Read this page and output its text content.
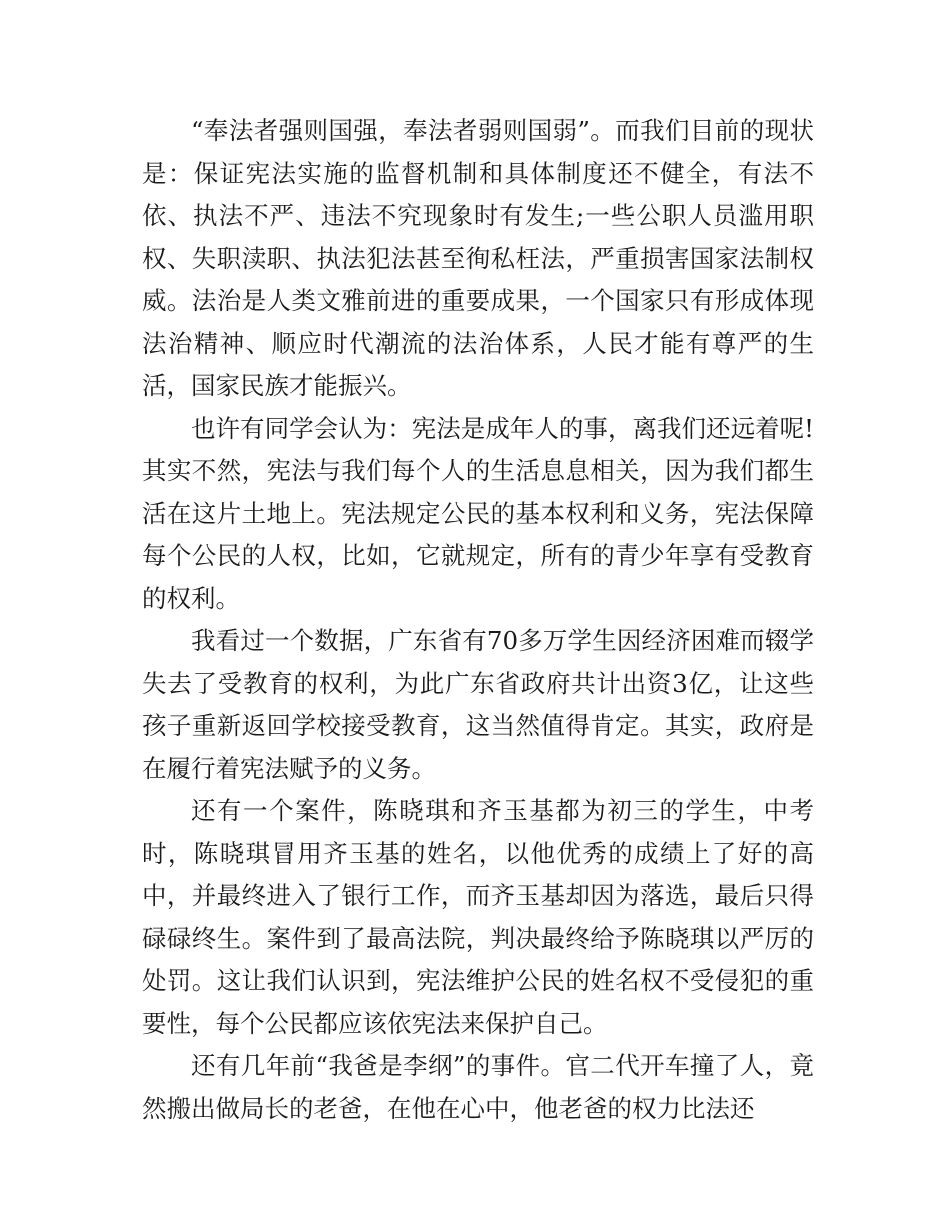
“奉法者强则国强，奉法者弱则国弱”。而我们目前的现状是：保证宪法实施的监督机制和具体制度还不健全，有法不依、执法不严、违法不究现象时有发生;一些公职人员滥用职权、失职渎职、执法犯法甚至徇私枉法，严重损害国家法制权威。法治是人类文雅前进的重要成果，一个国家只有形成体现法治精神、顺应时代潮流的法治体系，人民才能有尊严的生活，国家民族才能振兴。

也许有同学会认为：宪法是成年人的事，离我们还远着呢!其实不然，宪法与我们每个人的生活息息相关，因为我们都生活在这片土地上。宪法规定公民的基本权利和义务，宪法保障每个公民的人权，比如，它就规定，所有的青少年享有受教育的权利。

我看过一个数据，广东省有70多万学生因经济困难而辍学失去了受教育的权利，为此广东省政府共计出资3亿，让这些孩子重新返回学校接受教育，这当然值得肯定。其实，政府是在履行着宪法赋予的义务。

还有一个案件，陈晓琪和齐玉基都为初三的学生，中考时，陈晓琪冒用齐玉基的姓名，以他优秀的成绩上了好的高中，并最终进入了银行工作，而齐玉基却因为落选，最后只得碌碌终生。案件到了最高法院，判决最终给予陈晓琪以严厉的处罚。这让我们认识到，宪法维护公民的姓名权不受侵犯的重要性，每个公民都应该依宪法来保护自己。

还有几年前“我爸是李纲”的事件。官二代开车撞了人，竟然搬出做局长的老爸，在他在心中，他老爸的权力比法还
